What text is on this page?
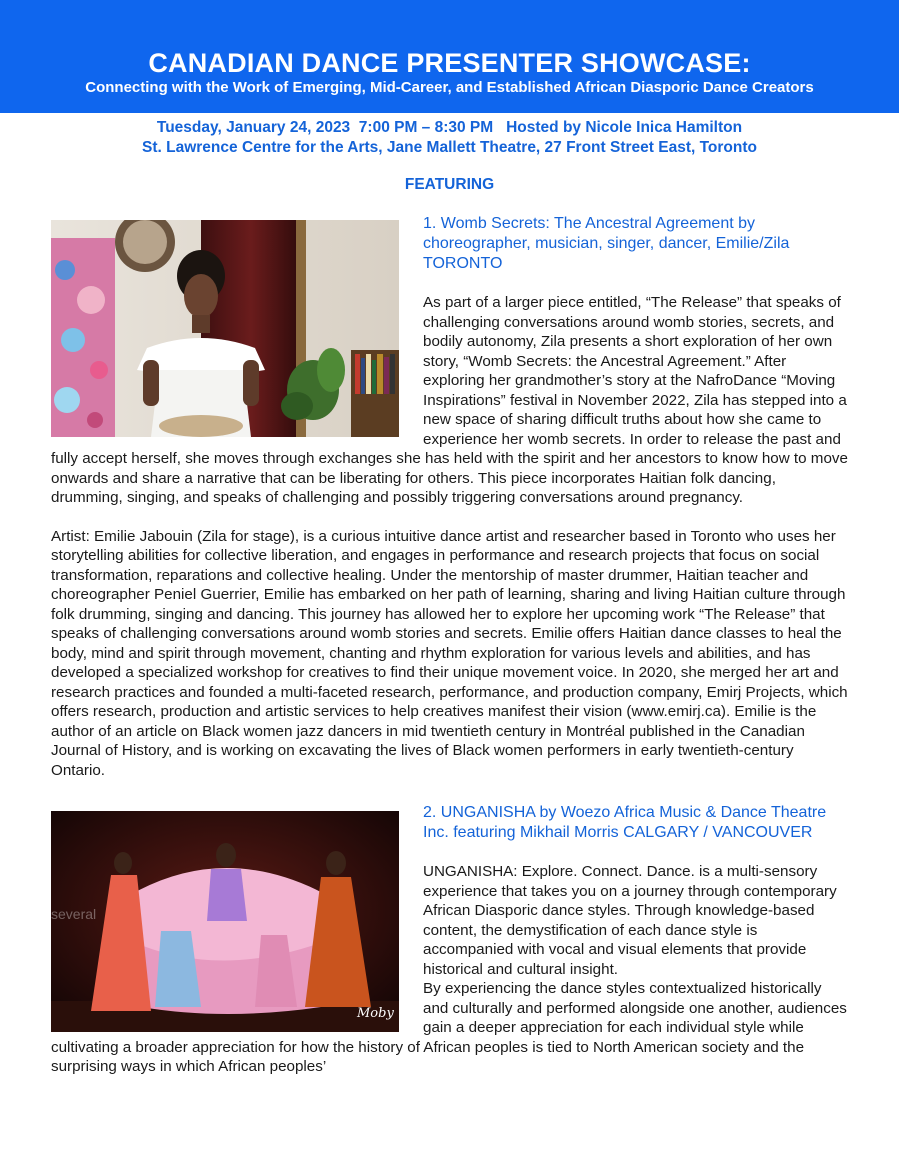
CANADIAN DANCE PRESENTER SHOWCASE:
Connecting with the Work of Emerging, Mid-Career, and Established African Diasporic Dance Creators
Tuesday, January 24, 2023  7:00 PM – 8:30 PM   Hosted by Nicole Inica Hamilton
St. Lawrence Centre for the Arts, Jane Mallett Theatre, 27 Front Street East, Toronto
FEATURING
1. Womb Secrets: The Ancestral Agreement by choreographer, musician, singer, dancer, Emilie/Zila TORONTO
As part of a larger piece entitled, “The Release” that speaks of challenging conversations around womb stories, secrets, and bodily autonomy, Zila presents a short exploration of her own story, “Womb Secrets: the Ancestral Agreement.” After exploring her grandmother’s story at the NafroDance “Moving Inspirations” festival in November 2022, Zila has stepped into a new space of sharing difficult truths about how she came to experience her womb secrets. In order to release the past and fully accept herself, she moves through exchanges she has held with the spirit and her ancestors to know how to move onwards and share a narrative that can be liberating for others. This piece incorporates Haitian folk dancing, drumming, singing, and speaks of challenging and possibly triggering conversations around pregnancy.
Artist: Emilie Jabouin (Zila for stage), is a curious intuitive dance artist and researcher based in Toronto who uses her storytelling abilities for collective liberation, and engages in performance and research projects that focus on social transformation, reparations and collective healing. Under the mentorship of master drummer, Haitian teacher and choreographer Peniel Guerrier, Emilie has embarked on her path of learning, sharing and living Haitian culture through folk drumming, singing and dancing. This journey has allowed her to explore her upcoming work “The Release” that speaks of challenging conversations around womb stories and secrets. Emilie offers Haitian dance classes to heal the body, mind and spirit through movement, chanting and rhythm exploration for various levels and abilities, and has developed a specialized workshop for creatives to find their unique movement voice. In 2020, she merged her art and research practices and founded a multi-faceted research, performance, and production company, Emirj Projects, which offers research, production and artistic services to help creatives manifest their vision (www.emirj.ca). Emilie is the author of an article on Black women jazz dancers in mid twentieth century in Montréal published in the Canadian Journal of History, and is working on excavating the lives of Black women performers in early twentieth-century Ontario.
several
Moby
2. UNGANISHA by Woezo Africa Music & Dance Theatre Inc. featuring Mikhail Morris CALGARY / VANCOUVER
UNGANISHA: Explore. Connect. Dance. is a multi-sensory experience that takes you on a journey through contemporary African Diasporic dance styles. Through knowledge-based content, the demystification of each dance style is accompanied with vocal and visual elements that provide historical and cultural insight.
By experiencing the dance styles contextualized historically and culturally and performed alongside one another, audiences gain a deeper appreciation for each individual style while cultivating a broader appreciation for how the history of African peoples is tied to North American society and the surprising ways in which African peoples’
